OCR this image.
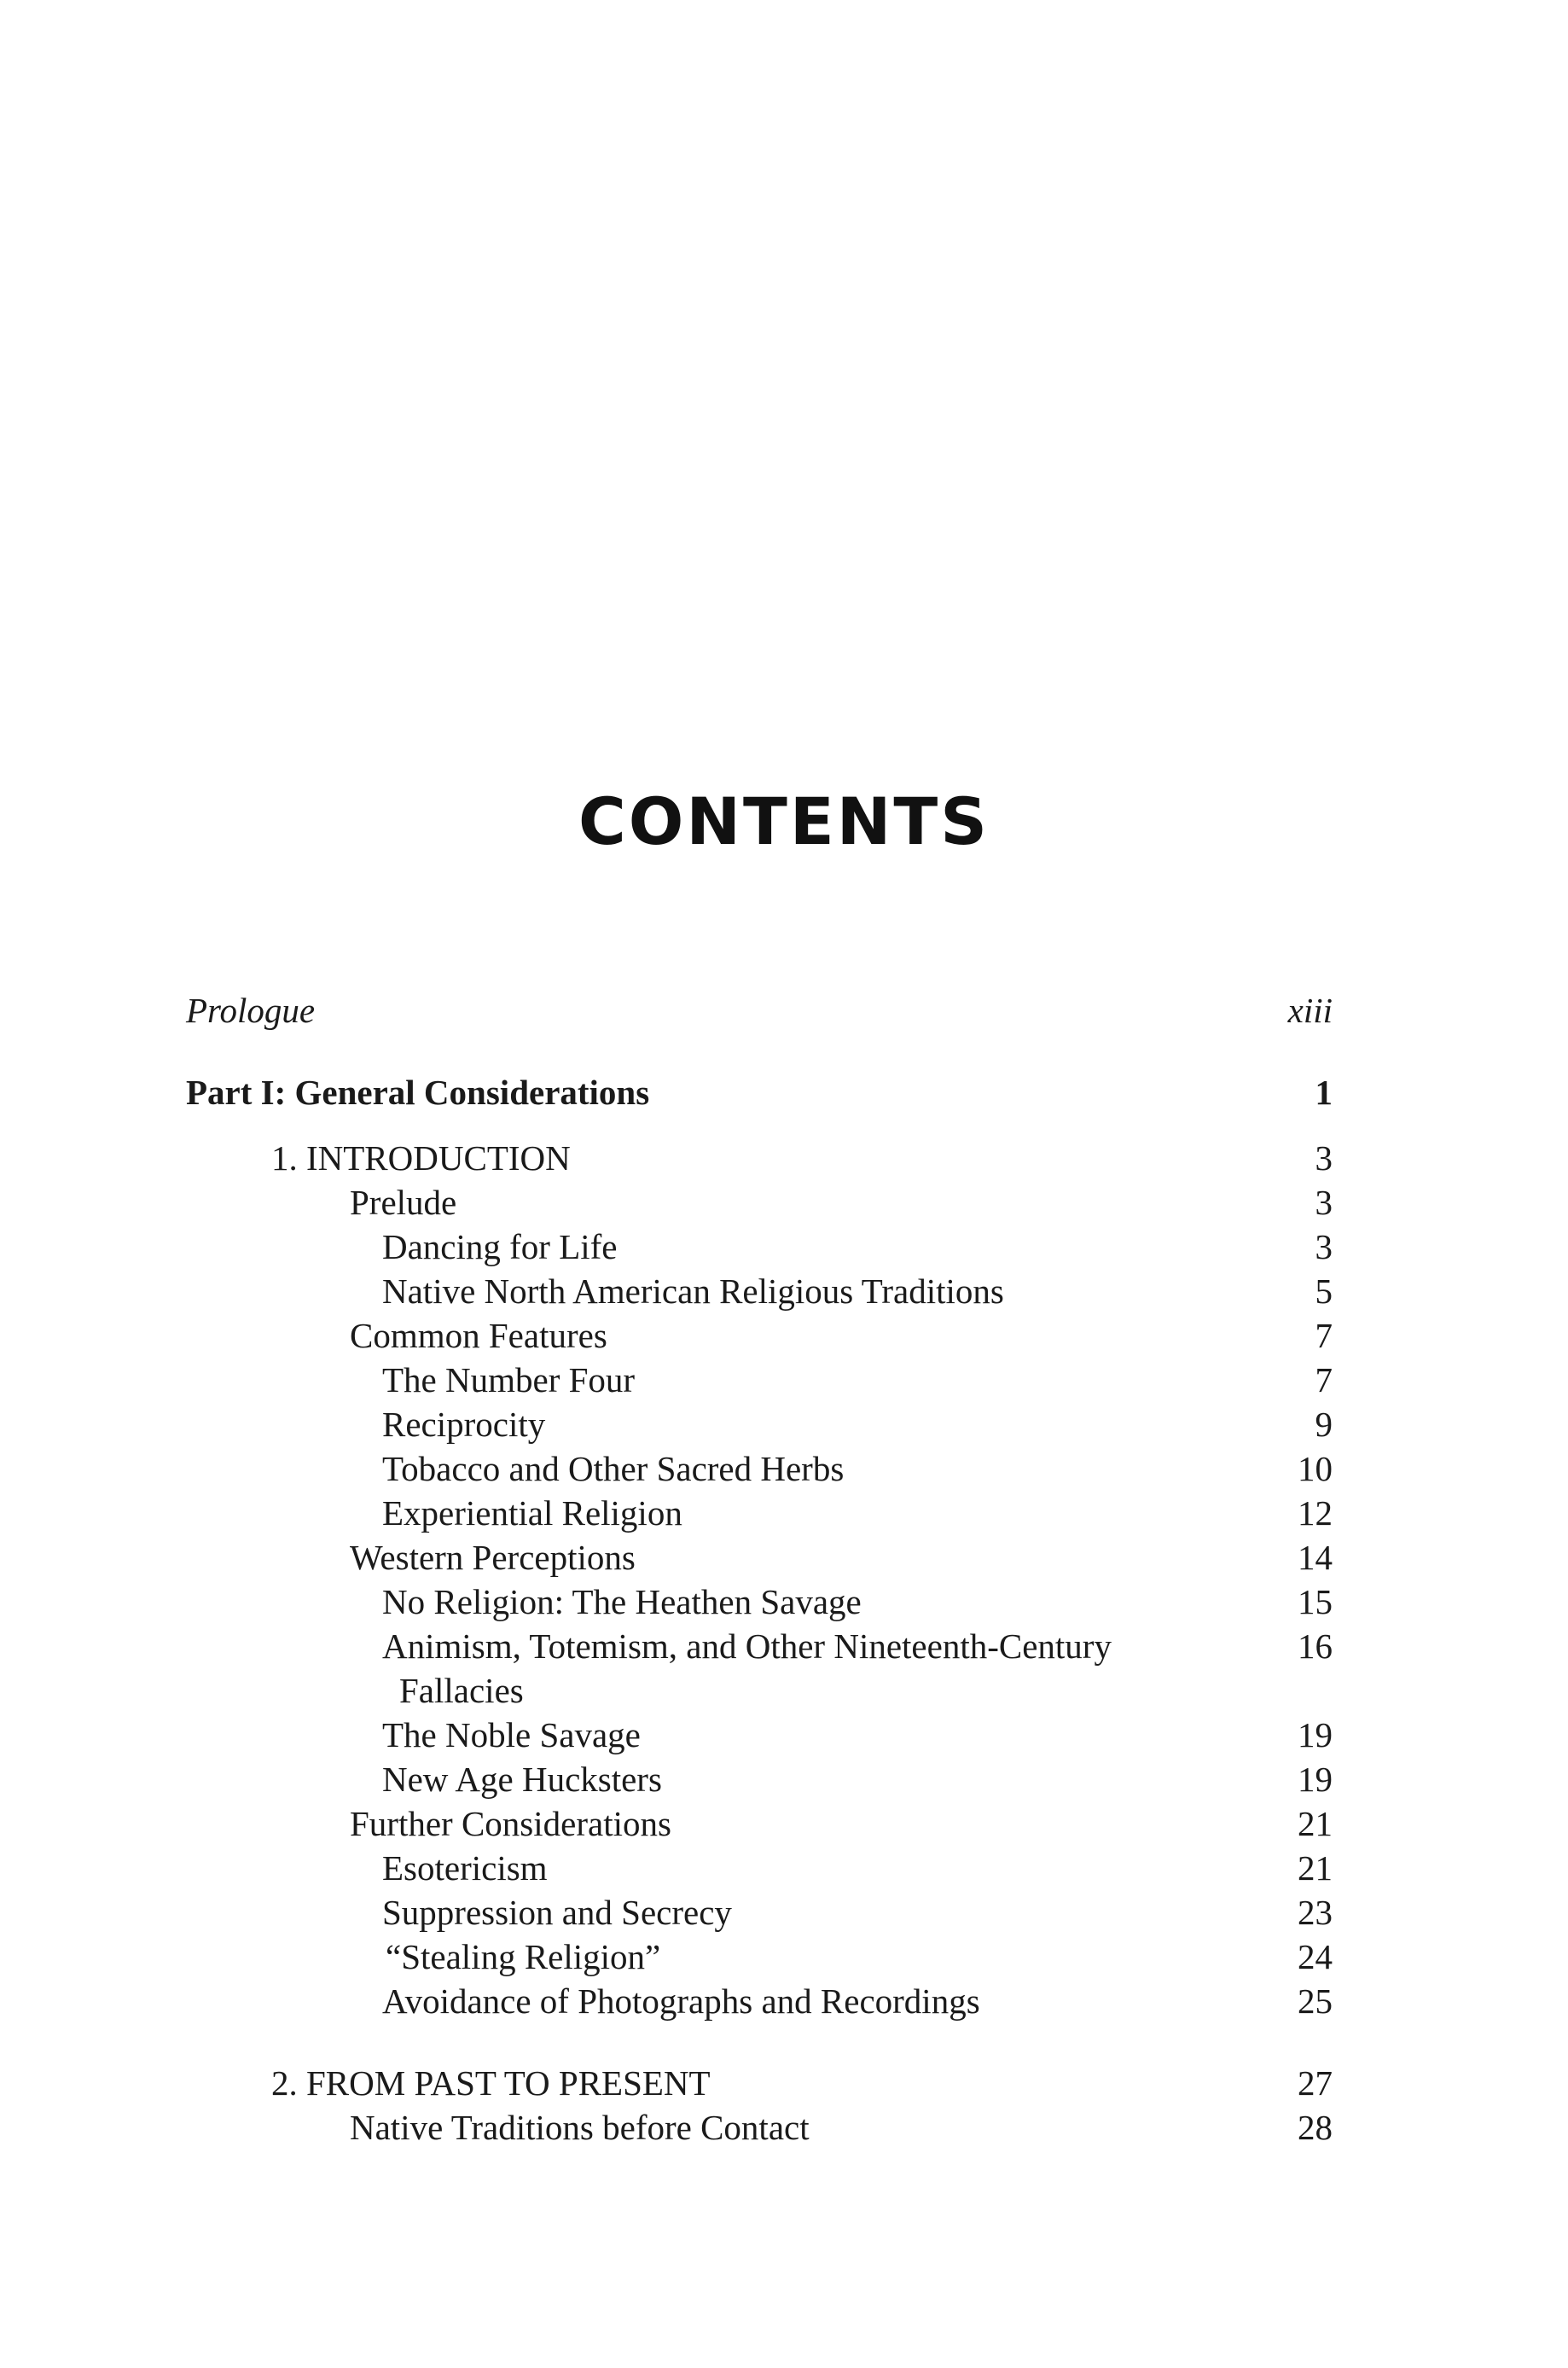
CONTENTS
Prologue	xiii
Part I: General Considerations	1
1. INTRODUCTION	3
Prelude	3
Dancing for Life	3
Native North American Religious Traditions	5
Common Features	7
The Number Four	7
Reciprocity	9
Tobacco and Other Sacred Herbs	10
Experiential Religion	12
Western Perceptions	14
No Religion: The Heathen Savage	15
Animism, Totemism, and Other Nineteenth-Century	16
Fallacies
The Noble Savage	19
New Age Hucksters	19
Further Considerations	21
Esotericism	21
Suppression and Secrecy	23
“Stealing Religion”	24
Avoidance of Photographs and Recordings	25
2. FROM PAST TO PRESENT	27
Native Traditions before Contact	28
